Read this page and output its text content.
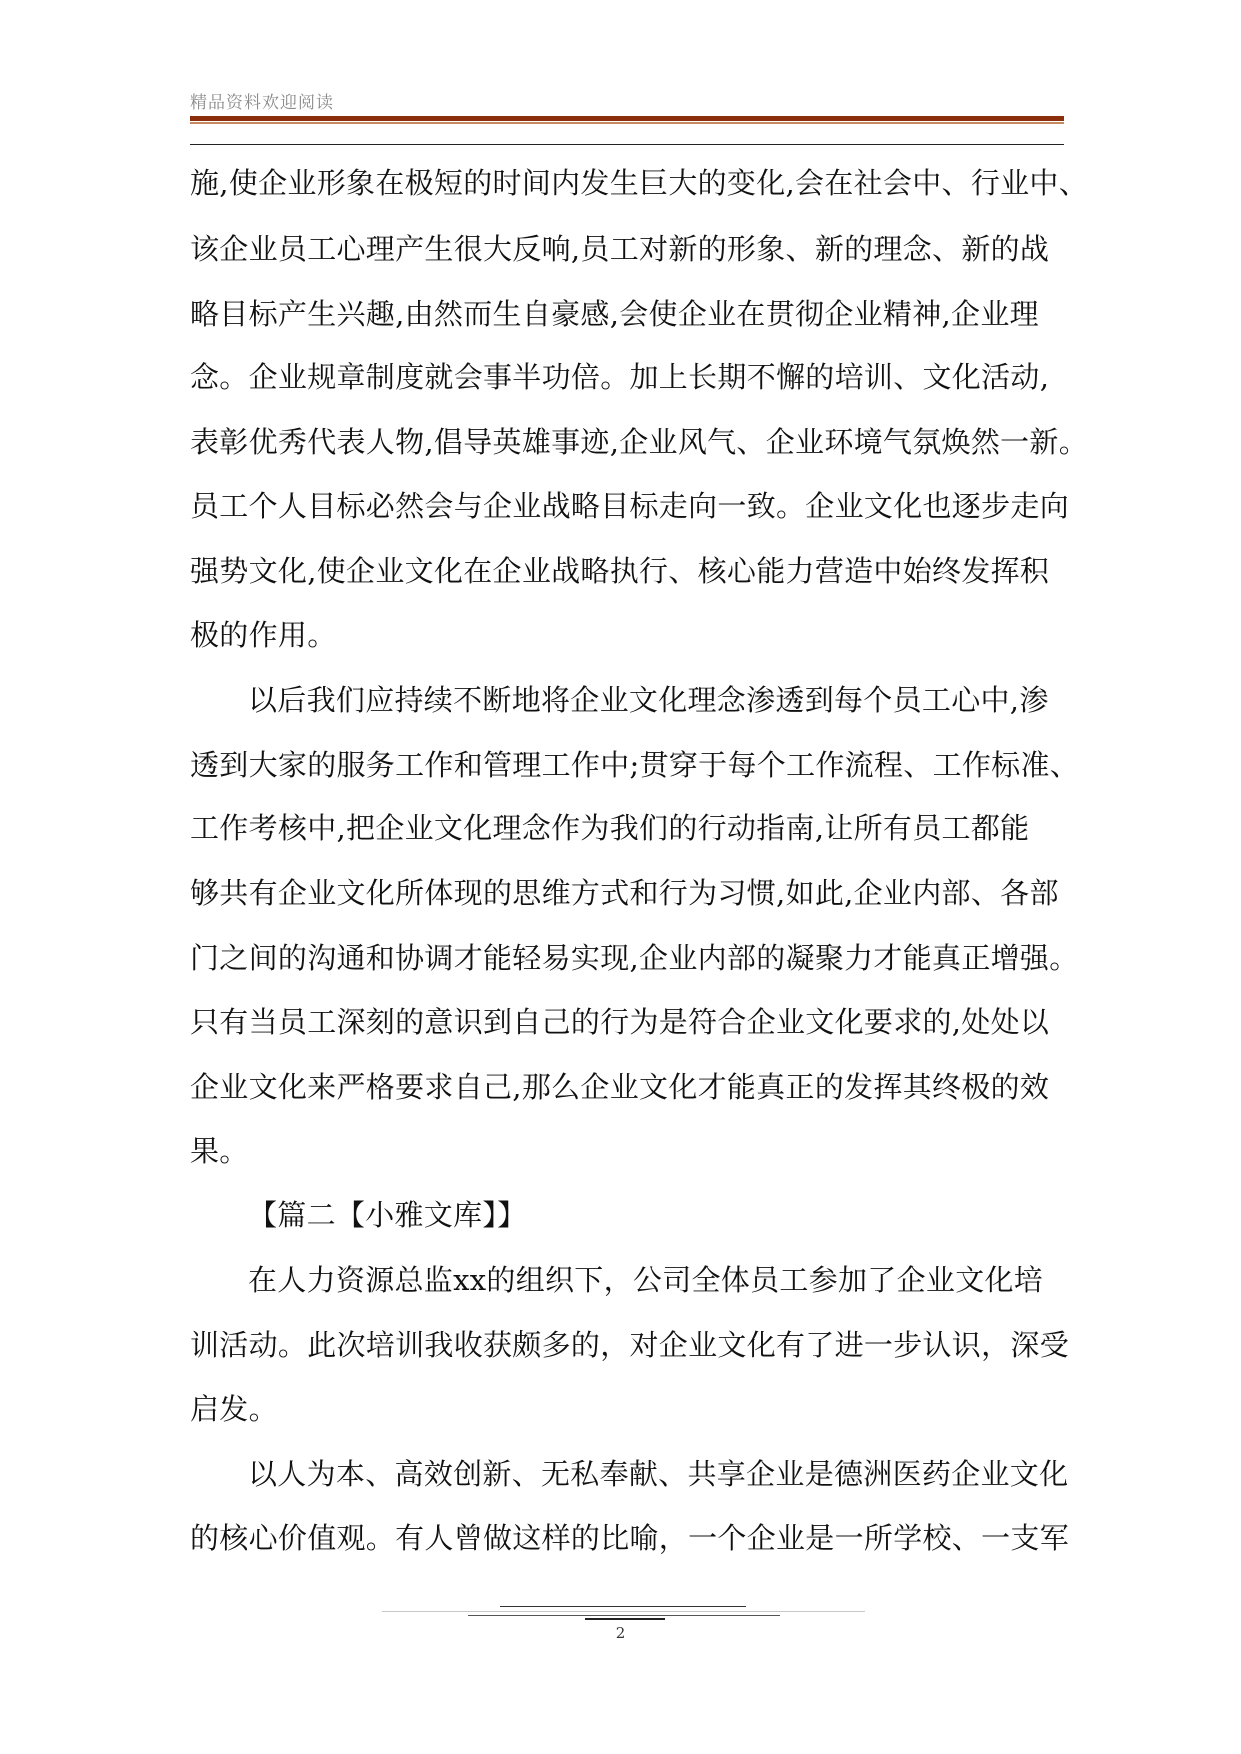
精品资料欢迎阅读
施,使企业形象在极短的时间内发生巨大的变化,会在社会中、行业中、
该企业员工心理产生很大反响,员工对新的形象、新的理念、新的战
略目标产生兴趣,由然而生自豪感,会使企业在贯彻企业精神,企业理
念。企业规章制度就会事半功倍。加上长期不懈的培训、文化活动,
表彰优秀代表人物,倡导英雄事迹,企业风气、企业环境气氛焕然一新。
员工个人目标必然会与企业战略目标走向一致。企业文化也逐步走向
强势文化,使企业文化在企业战略执行、核心能力营造中始终发挥积
极的作用。
以后我们应持续不断地将企业文化理念渗透到每个员工心中,渗
透到大家的服务工作和管理工作中;贯穿于每个工作流程、工作标准、
工作考核中,把企业文化理念作为我们的行动指南,让所有员工都能
够共有企业文化所体现的思维方式和行为习惯,如此,企业内部、各部
门之间的沟通和协调才能轻易实现,企业内部的凝聚力才能真正增强。
只有当员工深刻的意识到自己的行为是符合企业文化要求的,处处以
企业文化来严格要求自己,那么企业文化才能真正的发挥其终极的效
果。
【篇二【小雅文库】】
在人力资源总监xx的组织下，公司全体员工参加了企业文化培
训活动。此次培训我收获颇多的，对企业文化有了进一步认识，深受
启发。
以人为本、高效创新、无私奉献、共享企业是德洲医药企业文化
的核心价值观。有人曾做这样的比喻，一个企业是一所学校、一支军
2
